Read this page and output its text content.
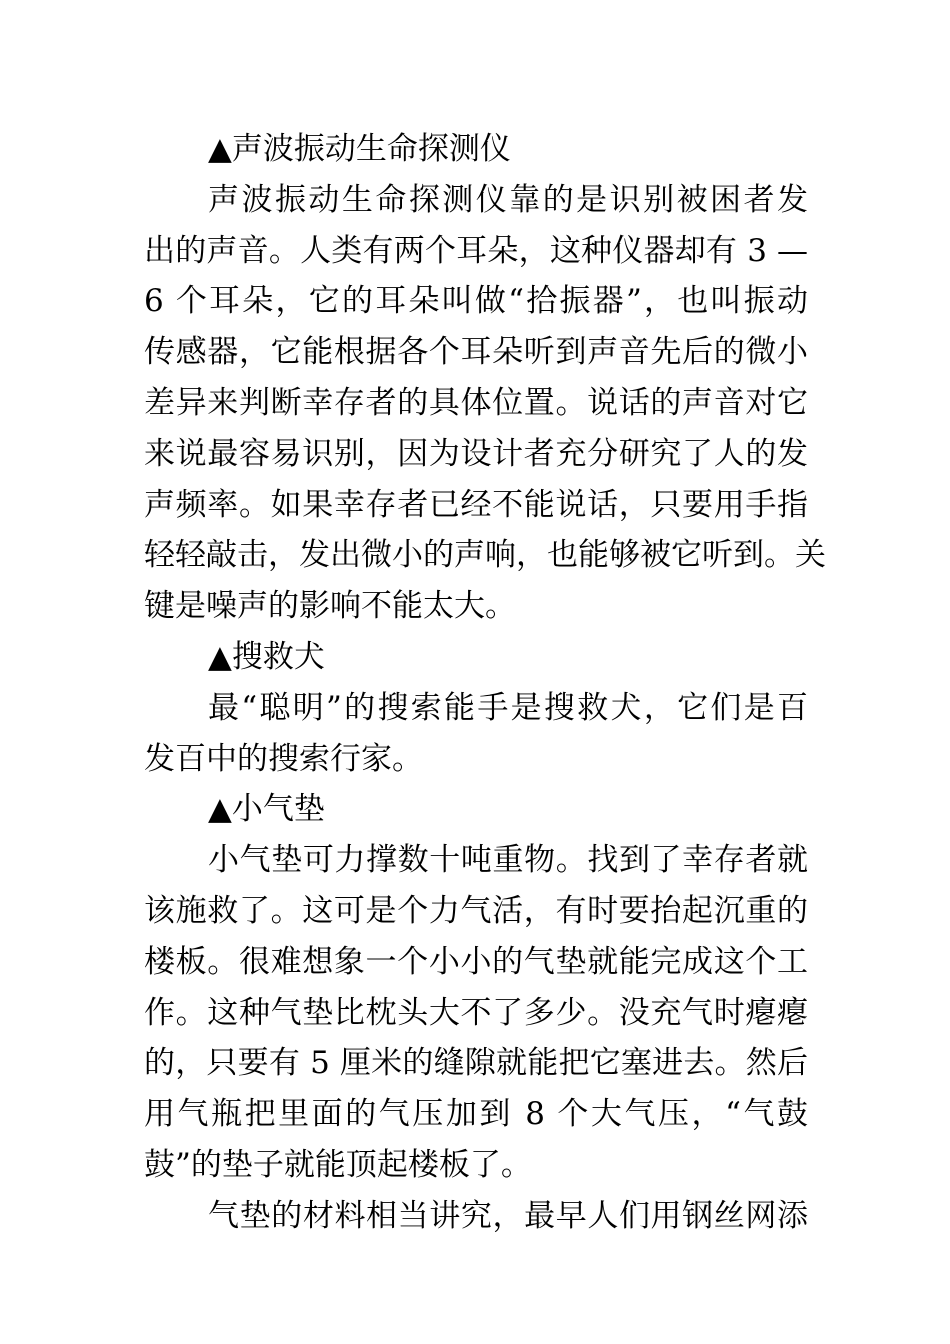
▲声波振动生命探测仪
声波振动生命探测仪靠的是识别被困者发
出的声音。人类有两个耳朵，这种仪器却有 3 —
6 个耳朵，它的耳朵叫做“拾振器”，也叫振动
传感器，它能根据各个耳朵听到声音先后的微小
差异来判断幸存者的具体位置。说话的声音对它
来说最容易识别，因为设计者充分研究了人的发
声频率。如果幸存者已经不能说话，只要用手指
轻轻敲击，发出微小的声响，也能够被它听到。关
键是噪声的影响不能太大。
▲搜救犬
最“聪明”的搜索能手是搜救犬，它们是百
发百中的搜索行家。
▲小气垫
小气垫可力撑数十吨重物。找到了幸存者就
该施救了。这可是个力气活，有时要抬起沉重的
楼板。很难想象一个小小的气垫就能完成这个工
作。这种气垫比枕头大不了多少。没充气时瘪瘪
的，只要有 5 厘米的缝隙就能把它塞进去。然后
用气瓶把里面的气压加到 8 个大气压，“气鼓
鼓”的垫子就能顶起楼板了。
气垫的材料相当讲究，最早人们用钢丝网添
